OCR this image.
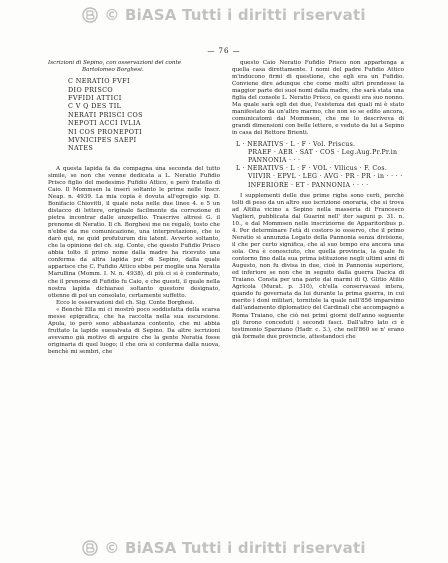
© BiASA Tutti i diritti riservati
— 76 —

Iscrizioni di Sepino, con osservazioni del conte

Bartolomeo Borghesi.

C NERATIO FVFI
DIO PRISCO
FVFIDI ATTICI
C V Q DES TIL
NERATI PRISCI COS
NEPOTI ACCI IVLIA
NI COS PRONEPOTI
MVNICIPES SAEPI
NATES

A questa lapida fa da compagna una seconda del tutto simile, se non che venne dedicata a L. Neratio Fufidio Prisco figlio del medesimo Fufidio Attico, e però fratello di Caio. Il Mommsen la inserì soltanto le prime nelle Inscr. Neap. n. 4939. La mia copia è dovuta all'egregio sig. D. Bonifacio Chiovitti, il quale nota nelle due linee 4. e 5 un distacco di lettere, originale facilmente da correzione di pietra incontrar dalle anzepellio. Trascrive altresì G. il prenome di Neratio. Il ch. Borghesi me ne regalò, tosto che n'ebbe da me comunicazione, una interpretazione, che io darò qui, ne quid profuturum diu latent. Avverto soltanto, che la opinione del ch. sig. Conte, che questo Fufidio Prisco abbia tolto il primo nome dalla madre ha ricevuto una conferma da altra lapida pur di Sepino, dalla quale apparisce che C. Fufidio Attico ebbe per moglie una Neratia Marullina (Momm. I. N. n. 4938), di più ci si è confermato, che il prenome di Fufidio fu Caio, e che questi, il quale nella nostra lapida dichiarasi soltanto questore designato, ottenne di poi un consolato, certamente suffetto.

Ecco le osservazioni del ch. Sig. Conte Borghesi.

« Benchè Ella mi ci mostrò poco soddisfatta della scarsa messe epigrafica, che ha raccolta nella sua escursione. Apula, io però sono abbastanza contento, che mi abbia fruttato la lapide suesalvata di Sepino. Da altre iscrizioni avevamo già motivo di arguire che la gente Neratia fosse originaria di quel luogo; il che ora si conferma dalla nuova, benchè mi sembri, che

questo Caio Neratio Fufidio Prisco non appartenga a quella casa direttamente. I nomi del padre Fufidio Attico m'inducono firmi di questione, che egli era un Fufidio. Conviene dire adunque che come molti altri prendesse la maggior parte dei suoi nomi dalla madre, che sarà stata una figlia del console L. Neratio Prisco, ce questi era suo nonno. Ma quale sarà egli dei due, l'esistenza dei quali mi è stato manifestato da un'altro marmo, che non so se edito ancora, comunicatomi dal Mommsen, che me lo descriveva di grandi dimensioni con belle lettere, e veduto da lui a Sepino in casa del Rettore Brienti.

L · NERATIVS · L · F · Vol. Priscus.
PRAEF · AER · SAT · COS · Leg.Aug.Pr.Pr.in
PANNONIA · · ·
L · NERATIVS · L · F · VOL · Vllicus · F. Cos.
VIIVIR · EPVL · LEG · AVG · PR · PR · in · · · ·
INFERIORE · ET · PANNONIA · · · ·

I supplementi delle due prime righe sono certi, perchè tolti di peso da un altro suo iscrizione onoraria, che si trova ad Altilia vicino a Sepino nella masseria di Francesco Vaglieri, pubblicata dal Guarini nell' iter saguni p. 31. n. 10., e dal Mommsen nelle inscriziorne de Apparitoribus p. 4. Per determinare l'età di costoro io osservo, che il primo Neratio si annunzia Legato della Pannonia senza divisione, il che per certo significa, che al suo tempo era ancora una sola. Ora è conosciuto, che quella provincia, la quale fu contorno fino dalla sua prima istituzione negli ultimi anni di Augusto, non fu divisa in due, cioè in Pannonia superiore, ed inferiore se non che in seguito dalla guerra Dacica di Traiano. Consta per una parte dai marmi di Q. Glitio Atilio Agricola (Murat. p. 310), ch'ella conservavasi intera, quando fu governata da lui durante la prima guerra, in cui merito i doni militari, tornitole la quale nell'856 imparsimo dall'andamento diplomatico del Cardinali che accompagnò a Roma Traiano, che ciò nei primi giorni dell'anno seguente gli furono conceduti i secondi fasci. Dall'altro lato ci è testimonio Sparziano (Hadr. c. 3.), che nell'860 se n' erano già formate due provincie, attestandoci che

© BiASA Tutti i diritti riservati
